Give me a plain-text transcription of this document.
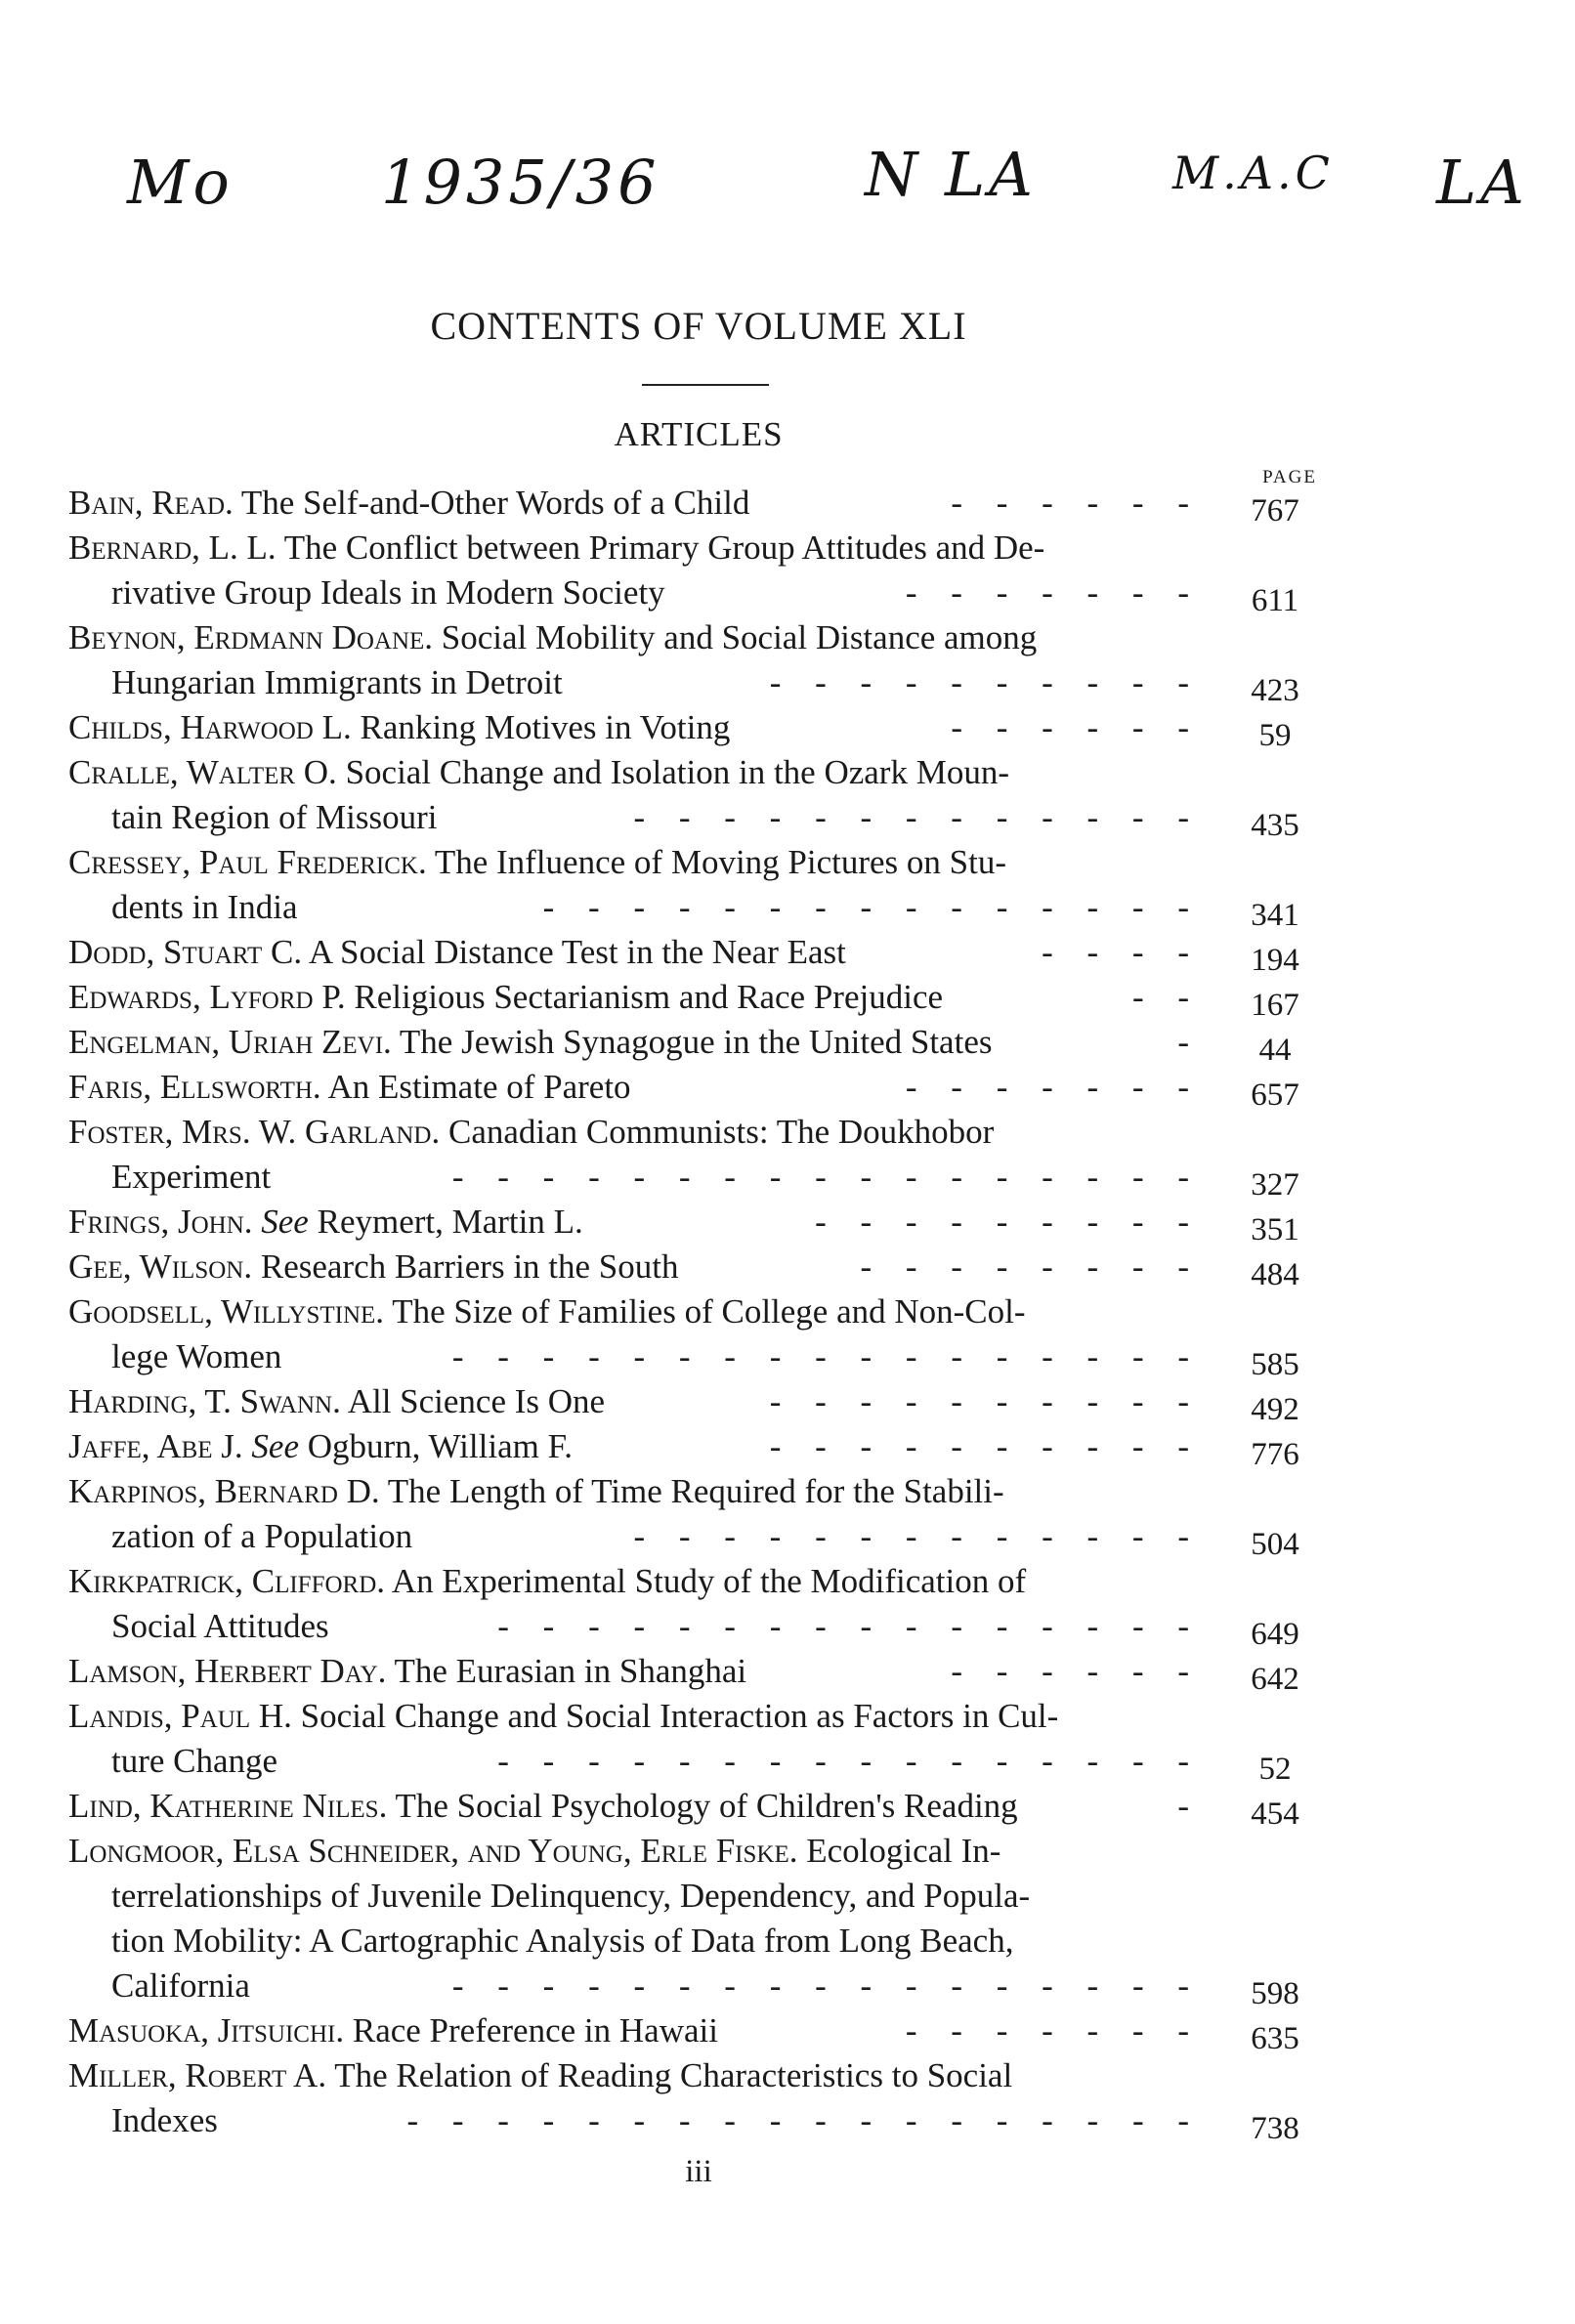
Mo 1935/36	N LA	M.A.C LA
CONTENTS OF VOLUME XLI
ARTICLES
PAGE
Bain, Read. The Self-and-Other Words of a Child	- - - - - -	767
Bernard, L. L. The Conflict between Primary Group Attitudes and De-
rivative Group Ideals in Modern Society	- - - - - - -	611
Beynon, Erdmann Doane. Social Mobility and Social Distance among
Hungarian Immigrants in Detroit	- - - - - - - - - -	423
Childs, Harwood L. Ranking Motives in Voting	- - - - - -	59
Cralle, Walter O. Social Change and Isolation in the Ozark Moun-
tain Region of Missouri	- - - - - - - - - - - - -	435
Cressey, Paul Frederick. The Influence of Moving Pictures on Stu-
dents in India	- - - - - - - - - - - - - - -	341
Dodd, Stuart C. A Social Distance Test in the Near East	- - - -	194
Edwards, Lyford P. Religious Sectarianism and Race Prejudice	- -	167
Engelman, Uriah Zevi. The Jewish Synagogue in the United States	-	44
Faris, Ellsworth. An Estimate of Pareto	- - - - - - -	657
Foster, Mrs. W. Garland. Canadian Communists: The Doukhobor
Experiment	- - - - - - - - - - - - - - - - -	327
Frings, John. See Reymert, Martin L.	- - - - - - - - -	351
Gee, Wilson. Research Barriers in the South	- - - - - - - -	484
Goodsell, Willystine. The Size of Families of College and Non-Col-
lege Women	- - - - - - - - - - - - - - - - -	585
Harding, T. Swann. All Science Is One	- - - - - - - - - -	492
Jaffe, Abe J. See Ogburn, William F.	- - - - - - - - - -	776
Karpinos, Bernard D. The Length of Time Required for the Stabili-
zation of a Population	- - - - - - - - - - - - -	504
Kirkpatrick, Clifford. An Experimental Study of the Modification of
Social Attitudes	- - - - - - - - - - - - - - - -	649
Lamson, Herbert Day. The Eurasian in Shanghai	- - - - - -	642
Landis, Paul H. Social Change and Social Interaction as Factors in Cul-
ture Change	- - - - - - - - - - - - - - - -	52
Lind, Katherine Niles. The Social Psychology of Children's Reading	-	454
Longmoor, Elsa Schneider, and Young, Erle Fiske. Ecological In-
terrelationships of Juvenile Delinquency, Dependency, and Popula-
tion Mobility: A Cartographic Analysis of Data from Long Beach,
California	- - - - - - - - - - - - - - - - -	598
Masuoka, Jitsuichi. Race Preference in Hawaii	- - - - - - -	635
Miller, Robert A. The Relation of Reading Characteristics to Social
Indexes	- - - - - - - - - - - - - - - - - -	738
iii
